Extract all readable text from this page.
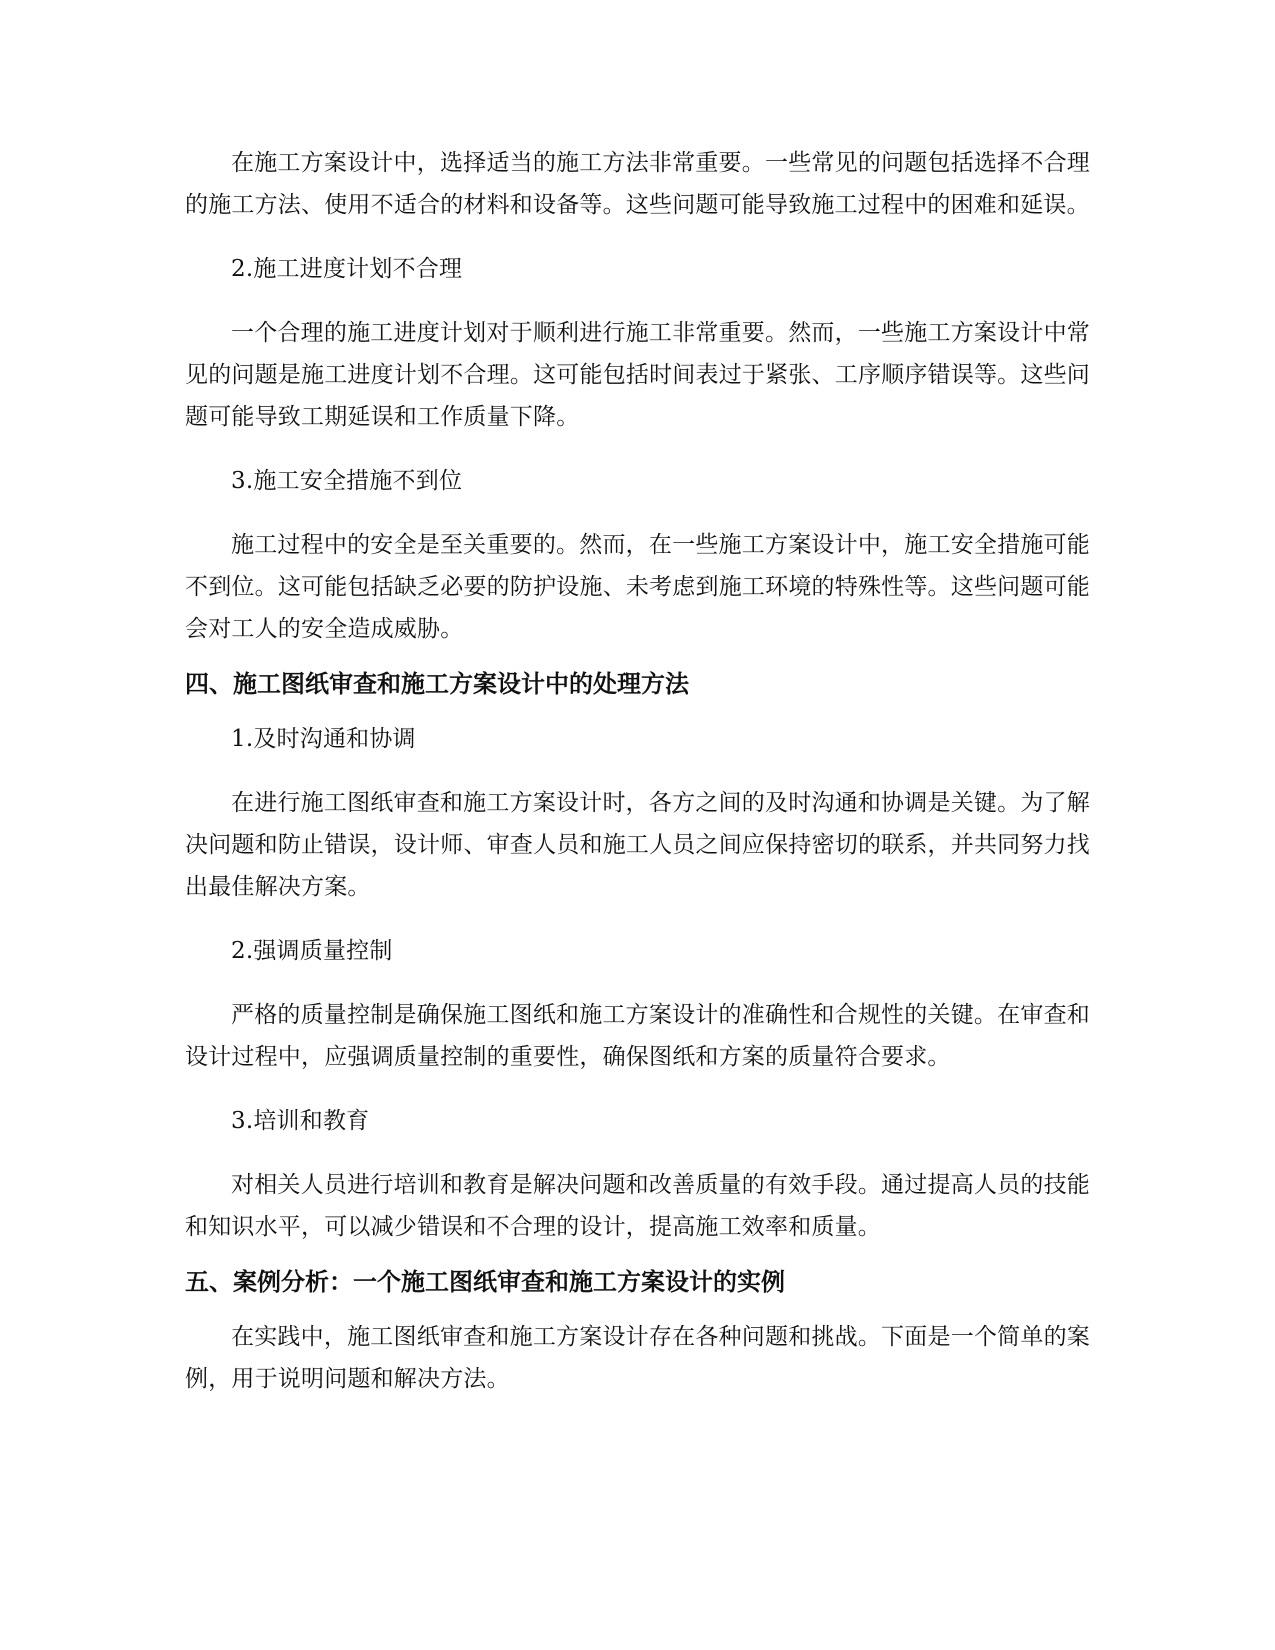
在施工方案设计中，选择适当的施工方法非常重要。一些常见的问题包括选择不合理的施工方法、使用不适合的材料和设备等。这些问题可能导致施工过程中的困难和延误。

2.施工进度计划不合理

一个合理的施工进度计划对于顺利进行施工非常重要。然而，一些施工方案设计中常见的问题是施工进度计划不合理。这可能包括时间表过于紧张、工序顺序错误等。这些问题可能导致工期延误和工作质量下降。

3.施工安全措施不到位

施工过程中的安全是至关重要的。然而，在一些施工方案设计中，施工安全措施可能不到位。这可能包括缺乏必要的防护设施、未考虑到施工环境的特殊性等。这些问题可能会对工人的安全造成威胁。

四、施工图纸审查和施工方案设计中的处理方法

1.及时沟通和协调

在进行施工图纸审查和施工方案设计时，各方之间的及时沟通和协调是关键。为了解决问题和防止错误，设计师、审查人员和施工人员之间应保持密切的联系，并共同努力找出最佳解决方案。

2.强调质量控制

严格的质量控制是确保施工图纸和施工方案设计的准确性和合规性的关键。在审查和设计过程中，应强调质量控制的重要性，确保图纸和方案的质量符合要求。

3.培训和教育

对相关人员进行培训和教育是解决问题和改善质量的有效手段。通过提高人员的技能和知识水平，可以减少错误和不合理的设计，提高施工效率和质量。

五、案例分析：一个施工图纸审查和施工方案设计的实例

在实践中，施工图纸审查和施工方案设计存在各种问题和挑战。下面是一个简单的案例，用于说明问题和解决方法。
